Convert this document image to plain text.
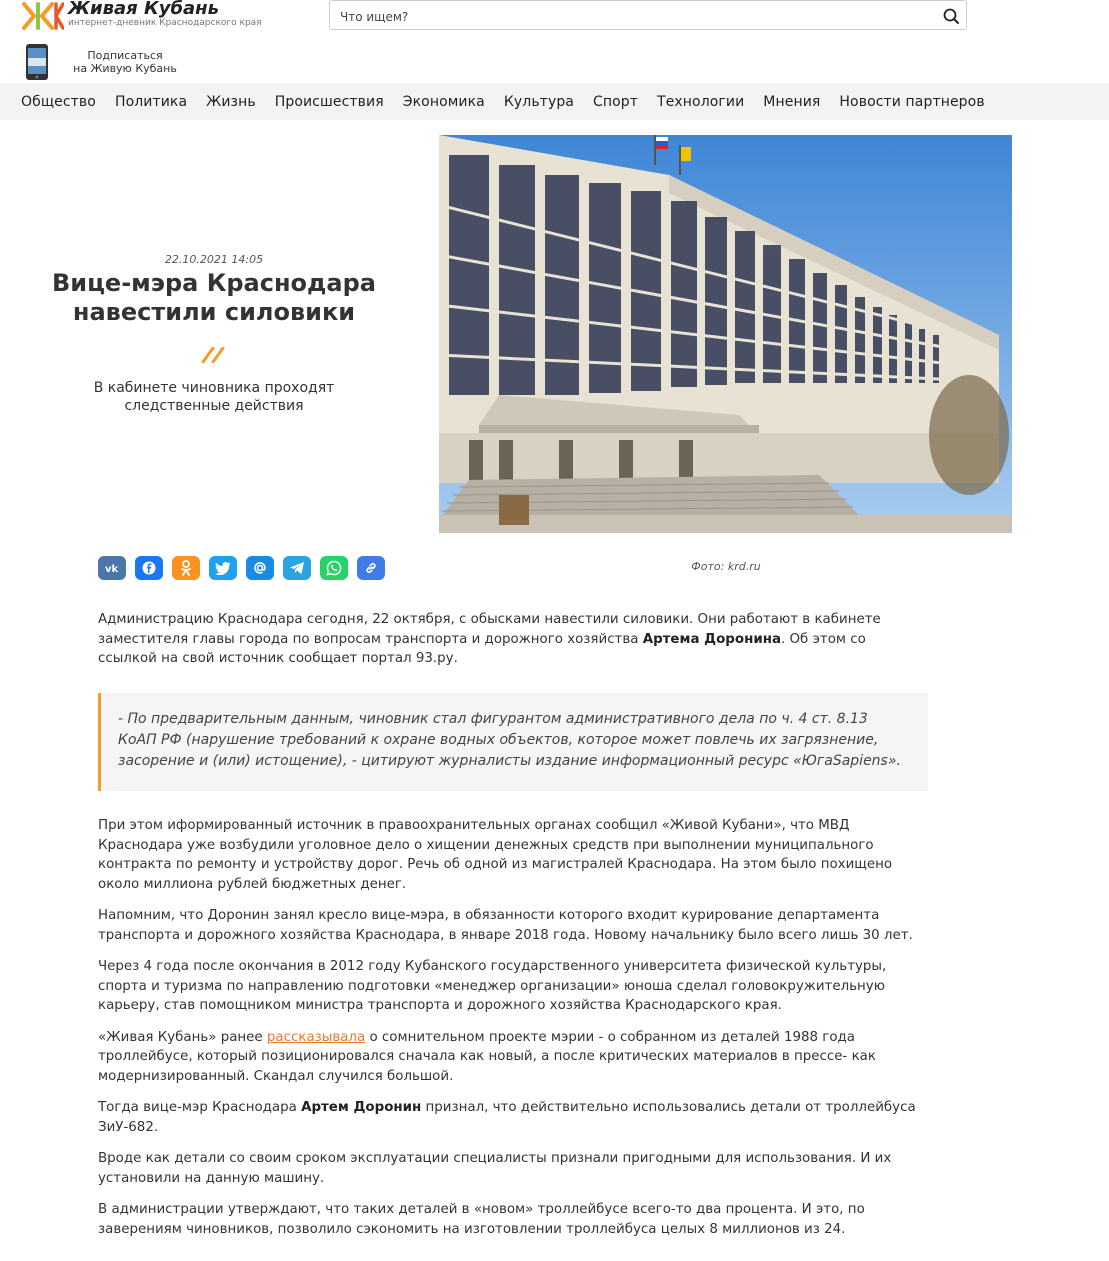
Живая Кубань
интернет-дневник Краснодарского края
Что ищем?
Подписаться
на Живую Кубань
Общество Политика Жизнь Происшествия Экономика Культура Спорт Технологии Мнения Новости партнеров
22.10.2021 14:05
Вице-мэра Краснодара
навестили силовики
В кабинете чиновника проходят следственные действия
Фото: krd.ru
vk

Администрацию Краснодара сегодня, 22 октября, с обысками навестили силовики. Они работают в кабинете заместителя главы города по вопросам транспорта и дорожного хозяйства Артема Доронина. Об этом со ссылкой на свой источник сообщает портал 93.ру.

- По предварительным данным, чиновник стал фигурантом административного дела по ч. 4 ст. 8.13 КоАП РФ (нарушение требований к охране водных объектов, которое может повлечь их загрязнение, засорение и (или) истощение), - цитируют журналисты издание информационный ресурс «ЮгаSapiens».

При этом иформированный источник в правоохранительных органах сообщил «Живой Кубани», что МВД Краснодара уже возбудили уголовное дело о хищении денежных средств при выполнении муниципального контракта по ремонту и устройству дорог. Речь об одной из магистралей Краснодара. На этом было похищено около миллиона рублей бюджетных денег.

Напомним, что Доронин занял кресло вице-мэра, в обязанности которого входит курирование департамента транспорта и дорожного хозяйства Краснодара, в январе 2018 года. Новому начальнику было всего лишь 30 лет.

Через 4 года после окончания в 2012 году Кубанского государственного университета физической культуры, спорта и туризма по направлению подготовки «менеджер организации» юноша сделал головокружительную карьеру, став помощником министра транспорта и дорожного хозяйства Краснодарского края.

«Живая Кубань» ранее рассказывала о сомнительном проекте мэрии - о собранном из деталей 1988 года троллейбусе, который позиционировался сначала как новый, а после критических материалов в прессе- как модернизированный. Скандал случился большой.

Тогда вице-мэр Краснодара Артем Доронин признал, что действительно использовались детали от троллейбуса ЗиУ-682.

Вроде как детали со своим сроком эксплуатации специалисты признали пригодными для использования. И их установили на данную машину.

В администрации утверждают, что таких деталей в «новом» троллейбусе всего-то два процента. И это, по заверениям чиновников, позволило сэкономить на изготовлении троллейбуса целых 8 миллионов из 24.
